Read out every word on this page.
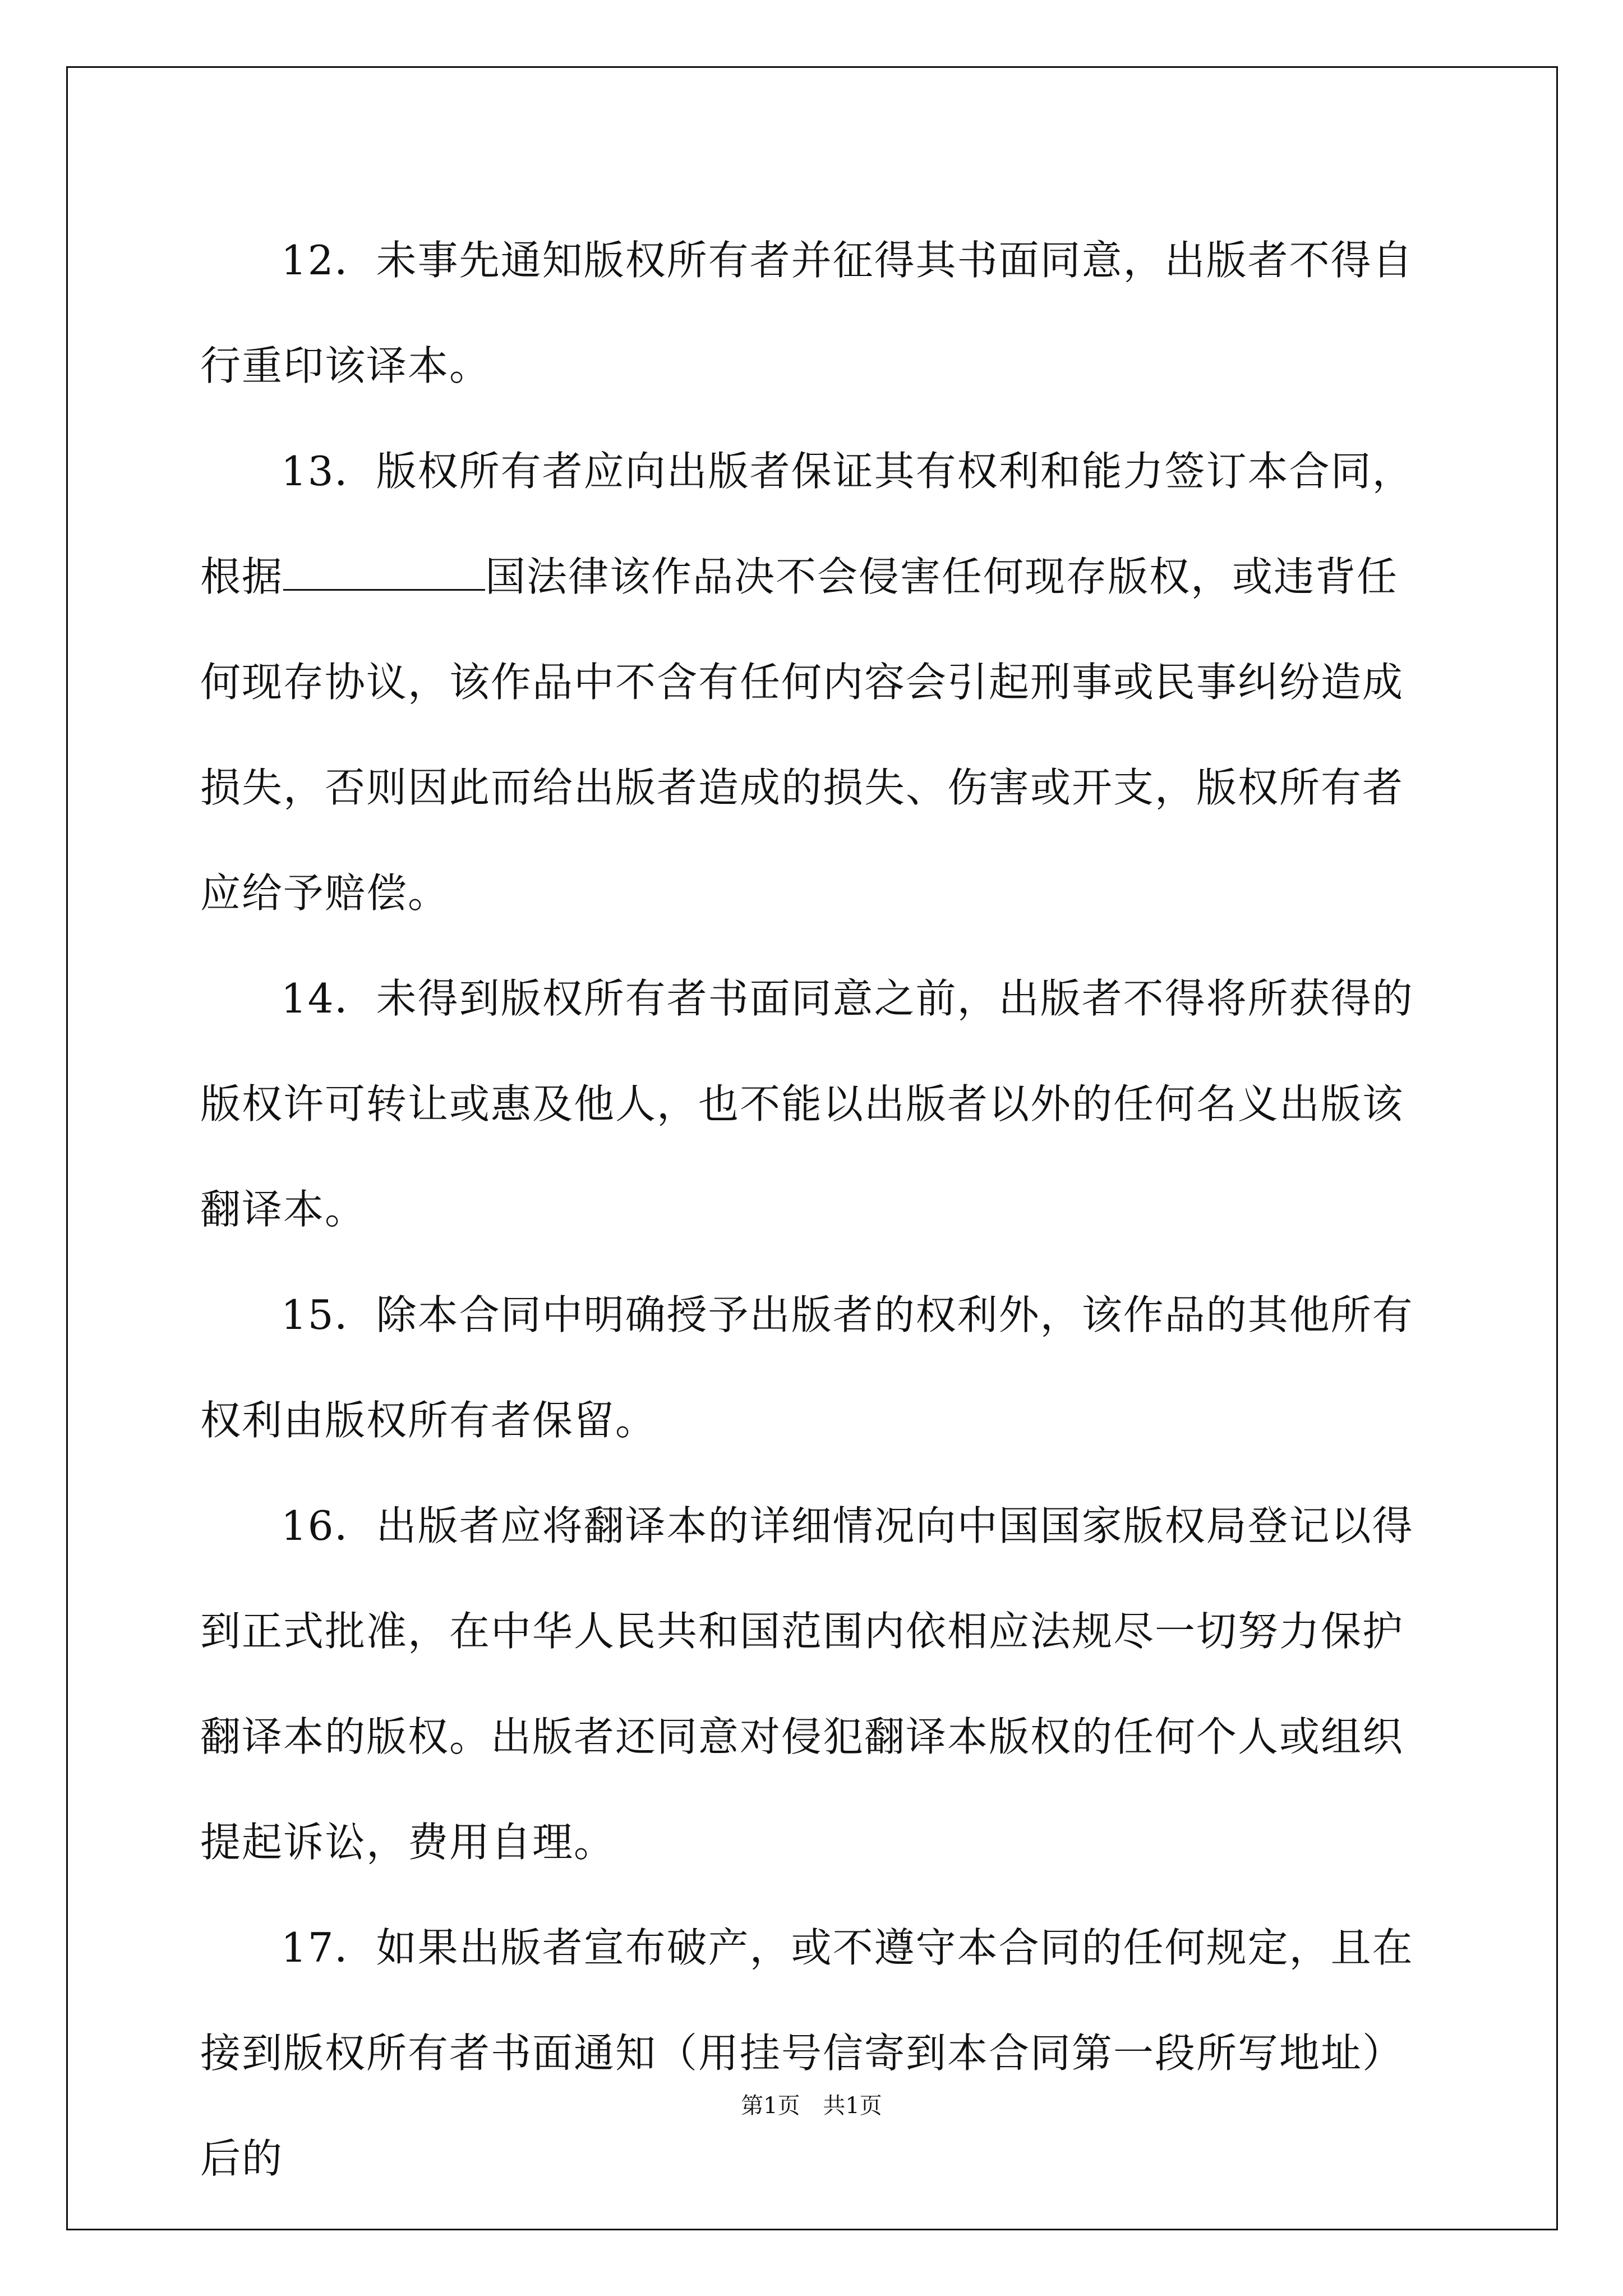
12．未事先通知版权所有者并征得其书面同意，出版者不得自行重印该译本。

13．版权所有者应向出版者保证其有权利和能力签订本合同，根据	国法律该作品决不会侵害任何现存版权，或违背任何现存协议，该作品中不含有任何内容会引起刑事或民事纠纷造成损失，否则因此而给出版者造成的损失、伤害或开支，版权所有者应给予赔偿。

14．未得到版权所有者书面同意之前，出版者不得将所获得的版权许可转让或惠及他人，也不能以出版者以外的任何名义出版该翻译本。

15．除本合同中明确授予出版者的权利外，该作品的其他所有权利由版权所有者保留。

16．出版者应将翻译本的详细情况向中国国家版权局登记以得到正式批准，在中华人民共和国范围内依相应法规尽一切努力保护翻译本的版权。出版者还同意对侵犯翻译本版权的任何个人或组织提起诉讼，费用自理。

17．如果出版者宣布破产，或不遵守本合同的任何规定，且在接到版权所有者书面通知（用挂号信寄到本合同第一段所写地址）后的

第1页 共1页
